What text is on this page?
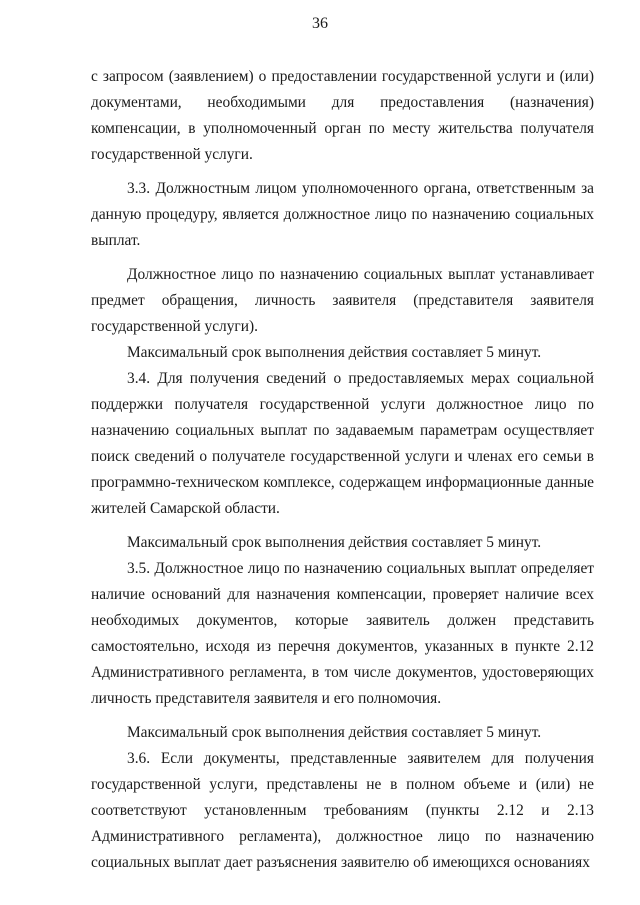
36

с запросом (заявлением) о предоставлении государственной услуги и (или) документами, необходимыми для предоставления (назначения) компенсации, в уполномоченный орган по месту жительства получателя государственной услуги.

3.3. Должностным лицом уполномоченного органа, ответственным за данную процедуру, является должностное лицо по назначению социальных выплат.

Должностное лицо по назначению социальных выплат устанавливает предмет обращения, личность заявителя (представителя заявителя государственной услуги).

Максимальный срок выполнения действия составляет 5 минут.

3.4. Для получения сведений о предоставляемых мерах социальной поддержки получателя государственной услуги должностное лицо по назначению социальных выплат по задаваемым параметрам осуществляет поиск сведений о получателе государственной услуги и членах его семьи в программно-техническом комплексе, содержащем информационные данные жителей Самарской области.

Максимальный срок выполнения действия составляет 5 минут.

3.5. Должностное лицо по назначению социальных выплат определяет наличие оснований для назначения компенсации, проверяет наличие всех необходимых документов, которые заявитель должен представить самостоятельно, исходя из перечня документов, указанных в пункте 2.12 Административного регламента, в том числе документов, удостоверяющих личность представителя заявителя и его полномочия.

Максимальный срок выполнения действия составляет 5 минут.

3.6. Если документы, представленные заявителем для получения государственной услуги, представлены не в полном объеме и (или) не соответствуют установленным требованиям (пункты 2.12 и 2.13 Административного регламента), должностное лицо по назначению социальных выплат дает разъяснения заявителю об имеющихся основаниях
